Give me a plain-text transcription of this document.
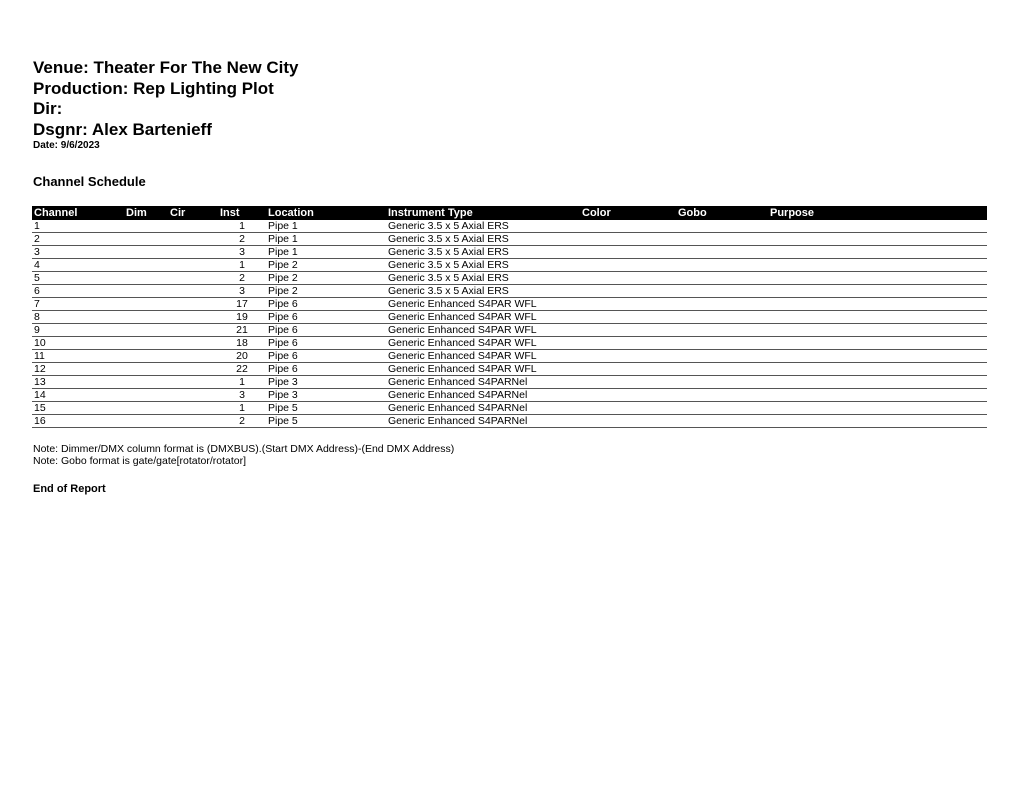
Venue: Theater For The New City
Production: Rep Lighting Plot
Dir:
Dsgnr: Alex Bartenieff
Date: 9/6/2023
Channel Schedule
Channel	Dim	Cir	Inst	Location	Instrument Type	Color	Gobo	Purpose
1			1	Pipe 1	Generic 3.5 x 5 Axial ERS			
2			2	Pipe 1	Generic 3.5 x 5 Axial ERS			
3			3	Pipe 1	Generic 3.5 x 5 Axial ERS			
4			1	Pipe 2	Generic 3.5 x 5 Axial ERS			
5			2	Pipe 2	Generic 3.5 x 5 Axial ERS			
6			3	Pipe 2	Generic 3.5 x 5 Axial ERS			
7			17	Pipe 6	Generic Enhanced S4PAR WFL			
8			19	Pipe 6	Generic Enhanced S4PAR WFL			
9			21	Pipe 6	Generic Enhanced S4PAR WFL			
10			18	Pipe 6	Generic Enhanced S4PAR WFL			
11			20	Pipe 6	Generic Enhanced S4PAR WFL			
12			22	Pipe 6	Generic Enhanced S4PAR WFL			
13			1	Pipe 3	Generic Enhanced S4PARNel			
14			3	Pipe 3	Generic Enhanced S4PARNel			
15			1	Pipe 5	Generic Enhanced S4PARNel			
16			2	Pipe 5	Generic Enhanced S4PARNel			
Note: Dimmer/DMX column format is (DMXBUS).(Start DMX Address)-(End DMX Address)
Note: Gobo format is gate/gate[rotator/rotator]
End of Report
